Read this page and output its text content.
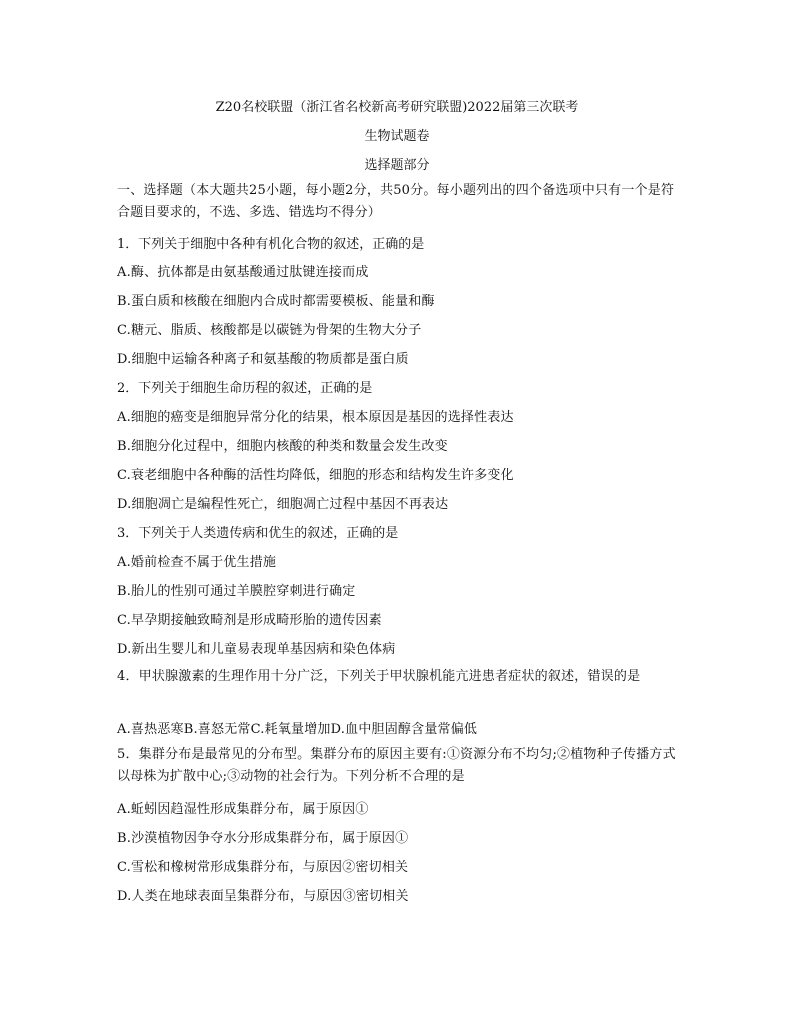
Z20名校联盟（浙江省名校新高考研究联盟)2022届第三次联考
生物试题卷
选择题部分
一、选择题（本大题共25小题，每小题2分，共50分。每小题列出的四个备选项中只有一个是符合题目要求的，不选、多选、错选均不得分）
1．下列关于细胞中各种有机化合物的叙述，正确的是
A.酶、抗体都是由氨基酸通过肽键连接而成
B.蛋白质和核酸在细胞内合成时都需要模板、能量和酶
C.糖元、脂质、核酸都是以碳链为骨架的生物大分子
D.细胞中运输各种离子和氨基酸的物质都是蛋白质
2．下列关于细胞生命历程的叙述，正确的是
A.细胞的癌变是细胞异常分化的结果，根本原因是基因的选择性表达
B.细胞分化过程中，细胞内核酸的种类和数量会发生改变
C.衰老细胞中各种酶的活性均降低，细胞的形态和结构发生许多变化
D.细胞凋亡是编程性死亡，细胞凋亡过程中基因不再表达
3．下列关于人类遗传病和优生的叙述，正确的是
A.婚前检查不属于优生措施
B.胎儿的性别可通过羊膜腔穿刺进行确定
C.早孕期接触致畸剂是形成畸形胎的遗传因素
D.新出生婴儿和儿童易表现单基因病和染色体病
4．甲状腺激素的生理作用十分广泛，下列关于甲状腺机能亢进患者症状的叙述，错误的是
A.喜热恶寒B.喜怒无常C.耗氧量增加D.血中胆固醇含量常偏低
5．集群分布是最常见的分布型。集群分布的原因主要有:①资源分布不均匀;②植物种子传播方式以母株为扩散中心;③动物的社会行为。下列分析不合理的是
A.蚯蚓因趋湿性形成集群分布，属于原因①
B.沙漠植物因争夺水分形成集群分布，属于原因①
C.雪松和橡树常形成集群分布，与原因②密切相关
D.人类在地球表面呈集群分布，与原因③密切相关
